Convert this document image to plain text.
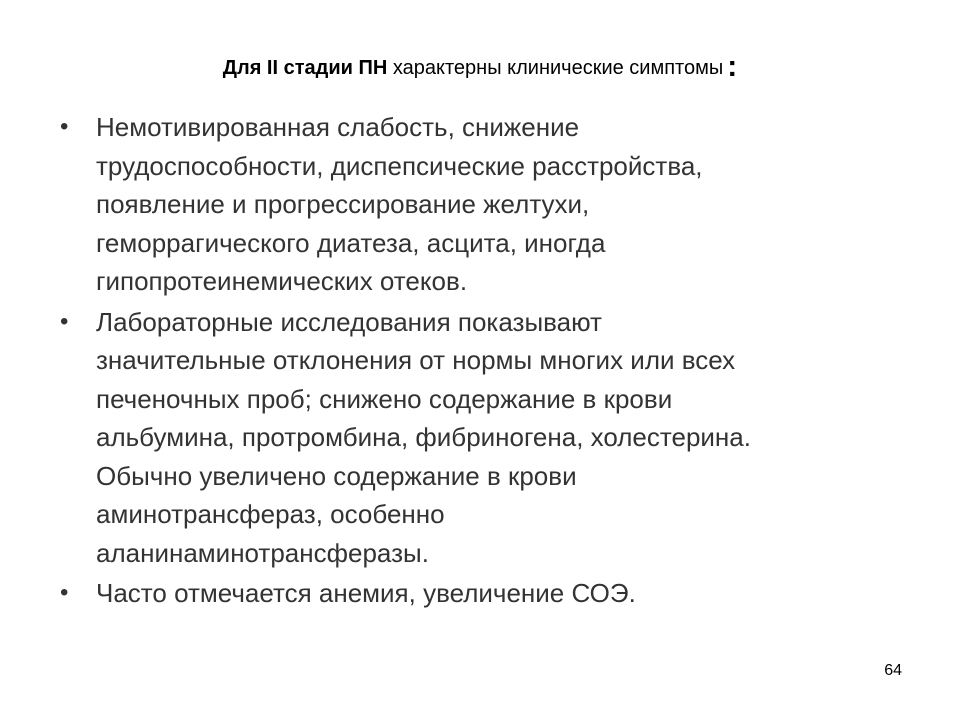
Для II стадии ПН характерны клинические симптомы :
• Немотивированная слабость, снижение
трудоспособности, диспепсические расстройства,
появление и прогрессирование желтухи,
геморрагического диатеза, асцита, иногда
гипопротеинемических отеков.
• Лабораторные исследования показывают
значительные отклонения от нормы многих или всех
печеночных проб; снижено содержание в крови
альбумина, протромбина, фибриногена, холестерина.
Обычно увеличено содержание в крови
аминотрансфераз, особенно
аланинаминотрансферазы.
• Часто отмечается анемия, увеличение СОЭ.
64
